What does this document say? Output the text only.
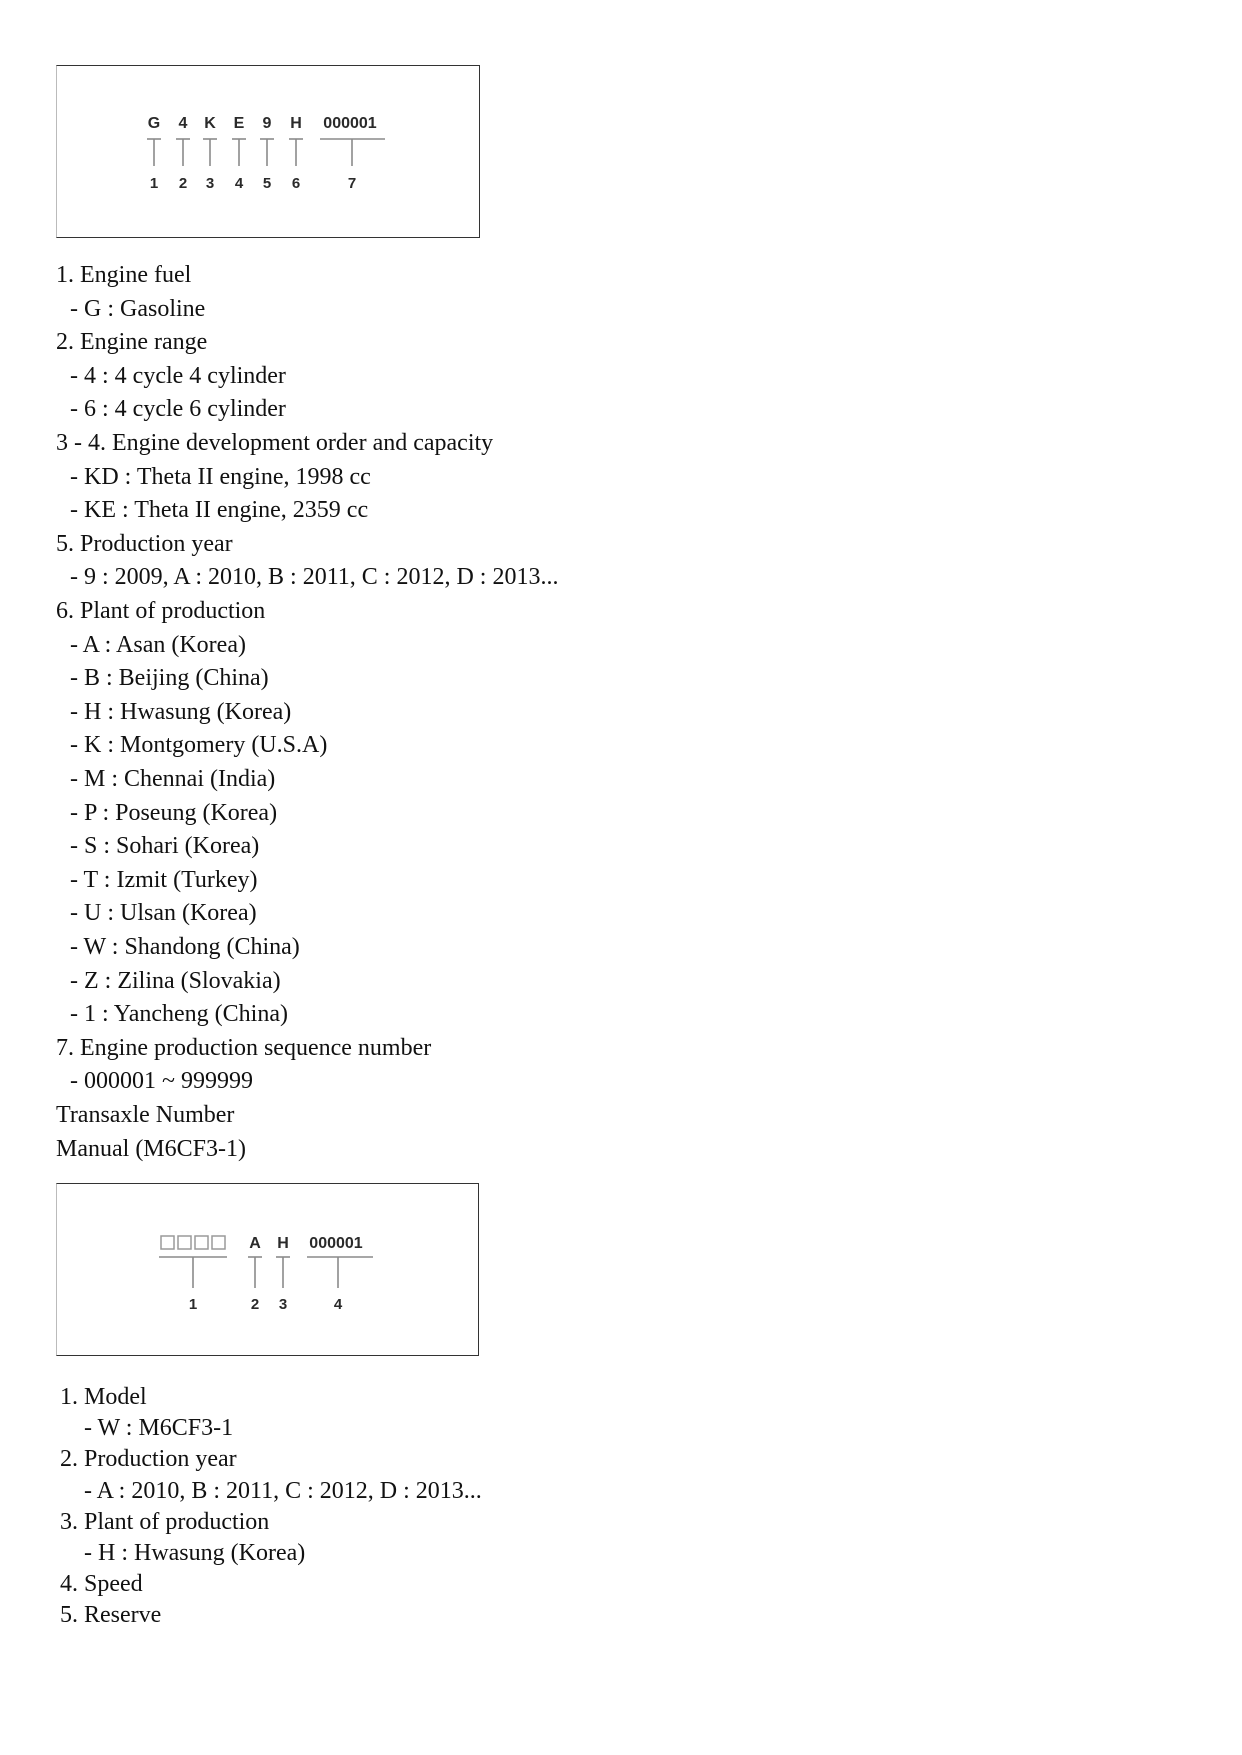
G 4 K E 9 H 000001
1 2 3 4 5 6	7
1. Engine fuel
- G : Gasoline
2. Engine range
- 4 : 4 cycle 4 cylinder
- 6 : 4 cycle 6 cylinder
3 - 4. Engine development order and capacity
- KD : Theta II engine, 1998 cc
- KE : Theta II engine, 2359 cc
5. Production year
- 9 : 2009, A : 2010, B : 2011, C : 2012, D : 2013...
6. Plant of production
- A : Asan (Korea)
- B : Beijing (China)
- H : Hwasung (Korea)
- K : Montgomery (U.S.A)
- M : Chennai (India)
- P : Poseung (Korea)
- S : Sohari (Korea)
- T : Izmit (Turkey)
- U : Ulsan (Korea)
- W : Shandong (China)
- Z : Zilina (Slovakia)
- 1 : Yancheng (China)
7. Engine production sequence number
- 000001 ~ 999999
Transaxle Number
Manual (M6CF3-1)
A H 000001
1	2 3	4
1. Model
- W : M6CF3-1
2. Production year
- A : 2010, B : 2011, C : 2012, D : 2013...
3. Plant of production
- H : Hwasung (Korea)
4. Speed
5. Reserve
